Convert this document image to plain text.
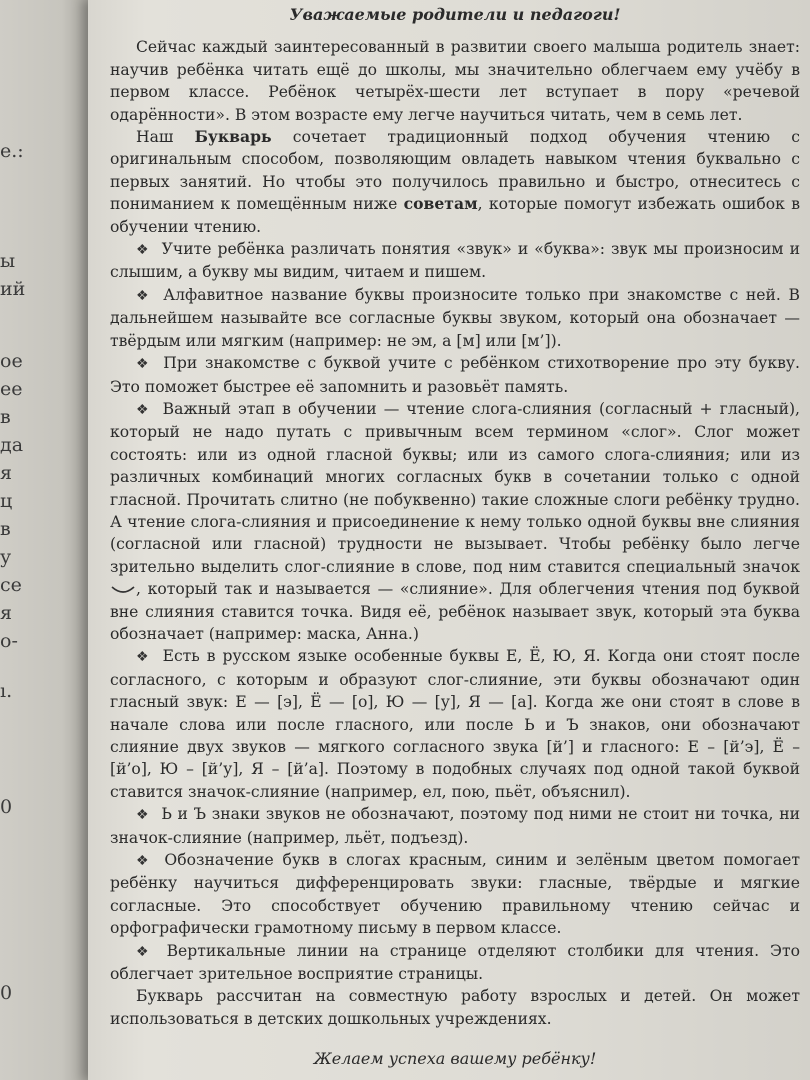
е.:
ы
ий
ое
ее
в
да
я
ц
в
у
се
я
о-
ı.
0
0
Уважаемые родители и педагоги!

Сейчас каждый заинтересованный в развитии своего малыша родитель знает: научив ребёнка читать ещё до школы, мы значительно облегчаем ему учёбу в первом классе. Ребёнок четырёх-шести лет вступает в пору «речевой одарённости». В этом возрасте ему легче научиться читать, чем в семь лет.

Наш Букварь сочетает традиционный подход обучения чтению с оригинальным способом, позволяющим овладеть навыком чтения буквально с первых занятий. Но чтобы это получилось правильно и быстро, отнеситесь с пониманием к помещённым ниже советам, которые помогут избежать ошибок в обучении чтению.

❖ Учите ребёнка различать понятия «звук» и «буква»: звук мы произносим и слышим, а букву мы видим, читаем и пишем.

❖ Алфавитное название буквы произносите только при знакомстве с ней. В дальнейшем называйте все согласные буквы звуком, который она обозначает — твёрдым или мягким (например: не эм, а [м] или [м’]).

❖ При знакомстве с буквой учите с ребёнком стихотворение про эту букву. Это поможет быстрее её запомнить и разовьёт память.

❖ Важный этап в обучении — чтение слога-слияния (согласный + гласный), который не надо путать с привычным всем термином «слог». Слог может состоять: или из одной гласной буквы; или из самого слога-слияния; или из различных комбинаций многих согласных букв в сочетании только с одной гласной. Прочитать слитно (не побуквенно) такие сложные слоги ребёнку трудно. А чтение слога-слияния и присоединение к нему только одной буквы вне слияния (согласной или гласной) трудности не вызывает. Чтобы ребёнку было легче зрительно выделить слог-слияние в слове, под ним ставится специальный значок
, который так и называется — «слияние». Для облегчения чтения под буквой вне слияния ставится точка. Видя её, ребёнок называет звук, который эта буква обозначает (например: маска, Анна.)

❖ Есть в русском языке особенные буквы Е, Ё, Ю, Я. Когда они стоят после согласного, с которым и образуют слог-слияние, эти буквы обозначают один гласный звук: Е — [э], Ё — [о], Ю — [у], Я — [а]. Когда же они стоят в слове в начале слова или после гласного, или после Ь и Ъ знаков, они обозначают слияние двух звуков — мягкого согласного звука [й’] и гласного: Е – [й’э], Ё – [й’о], Ю – [й’у], Я – [й’а]. Поэтому в подобных случаях под одной такой буквой ставится значок-слияние (например, ел, пою, пьёт, объяснил).

❖ Ь и Ъ знаки звуков не обозначают, поэтому под ними не стоит ни точка, ни значок-слияние (например, льёт, подъезд).

❖ Обозначение букв в слогах красным, синим и зелёным цветом помогает ребёнку научиться дифференцировать звуки: гласные, твёрдые и мягкие согласные. Это способствует обучению правильному чтению сейчас и орфографически грамотному письму в первом классе.

❖ Вертикальные линии на странице отделяют столбики для чтения. Это облегчает зрительное восприятие страницы.

Букварь рассчитан на совместную работу взрослых и детей. Он может использоваться в детских дошкольных учреждениях.

Желаем успеха вашему ребёнку!
